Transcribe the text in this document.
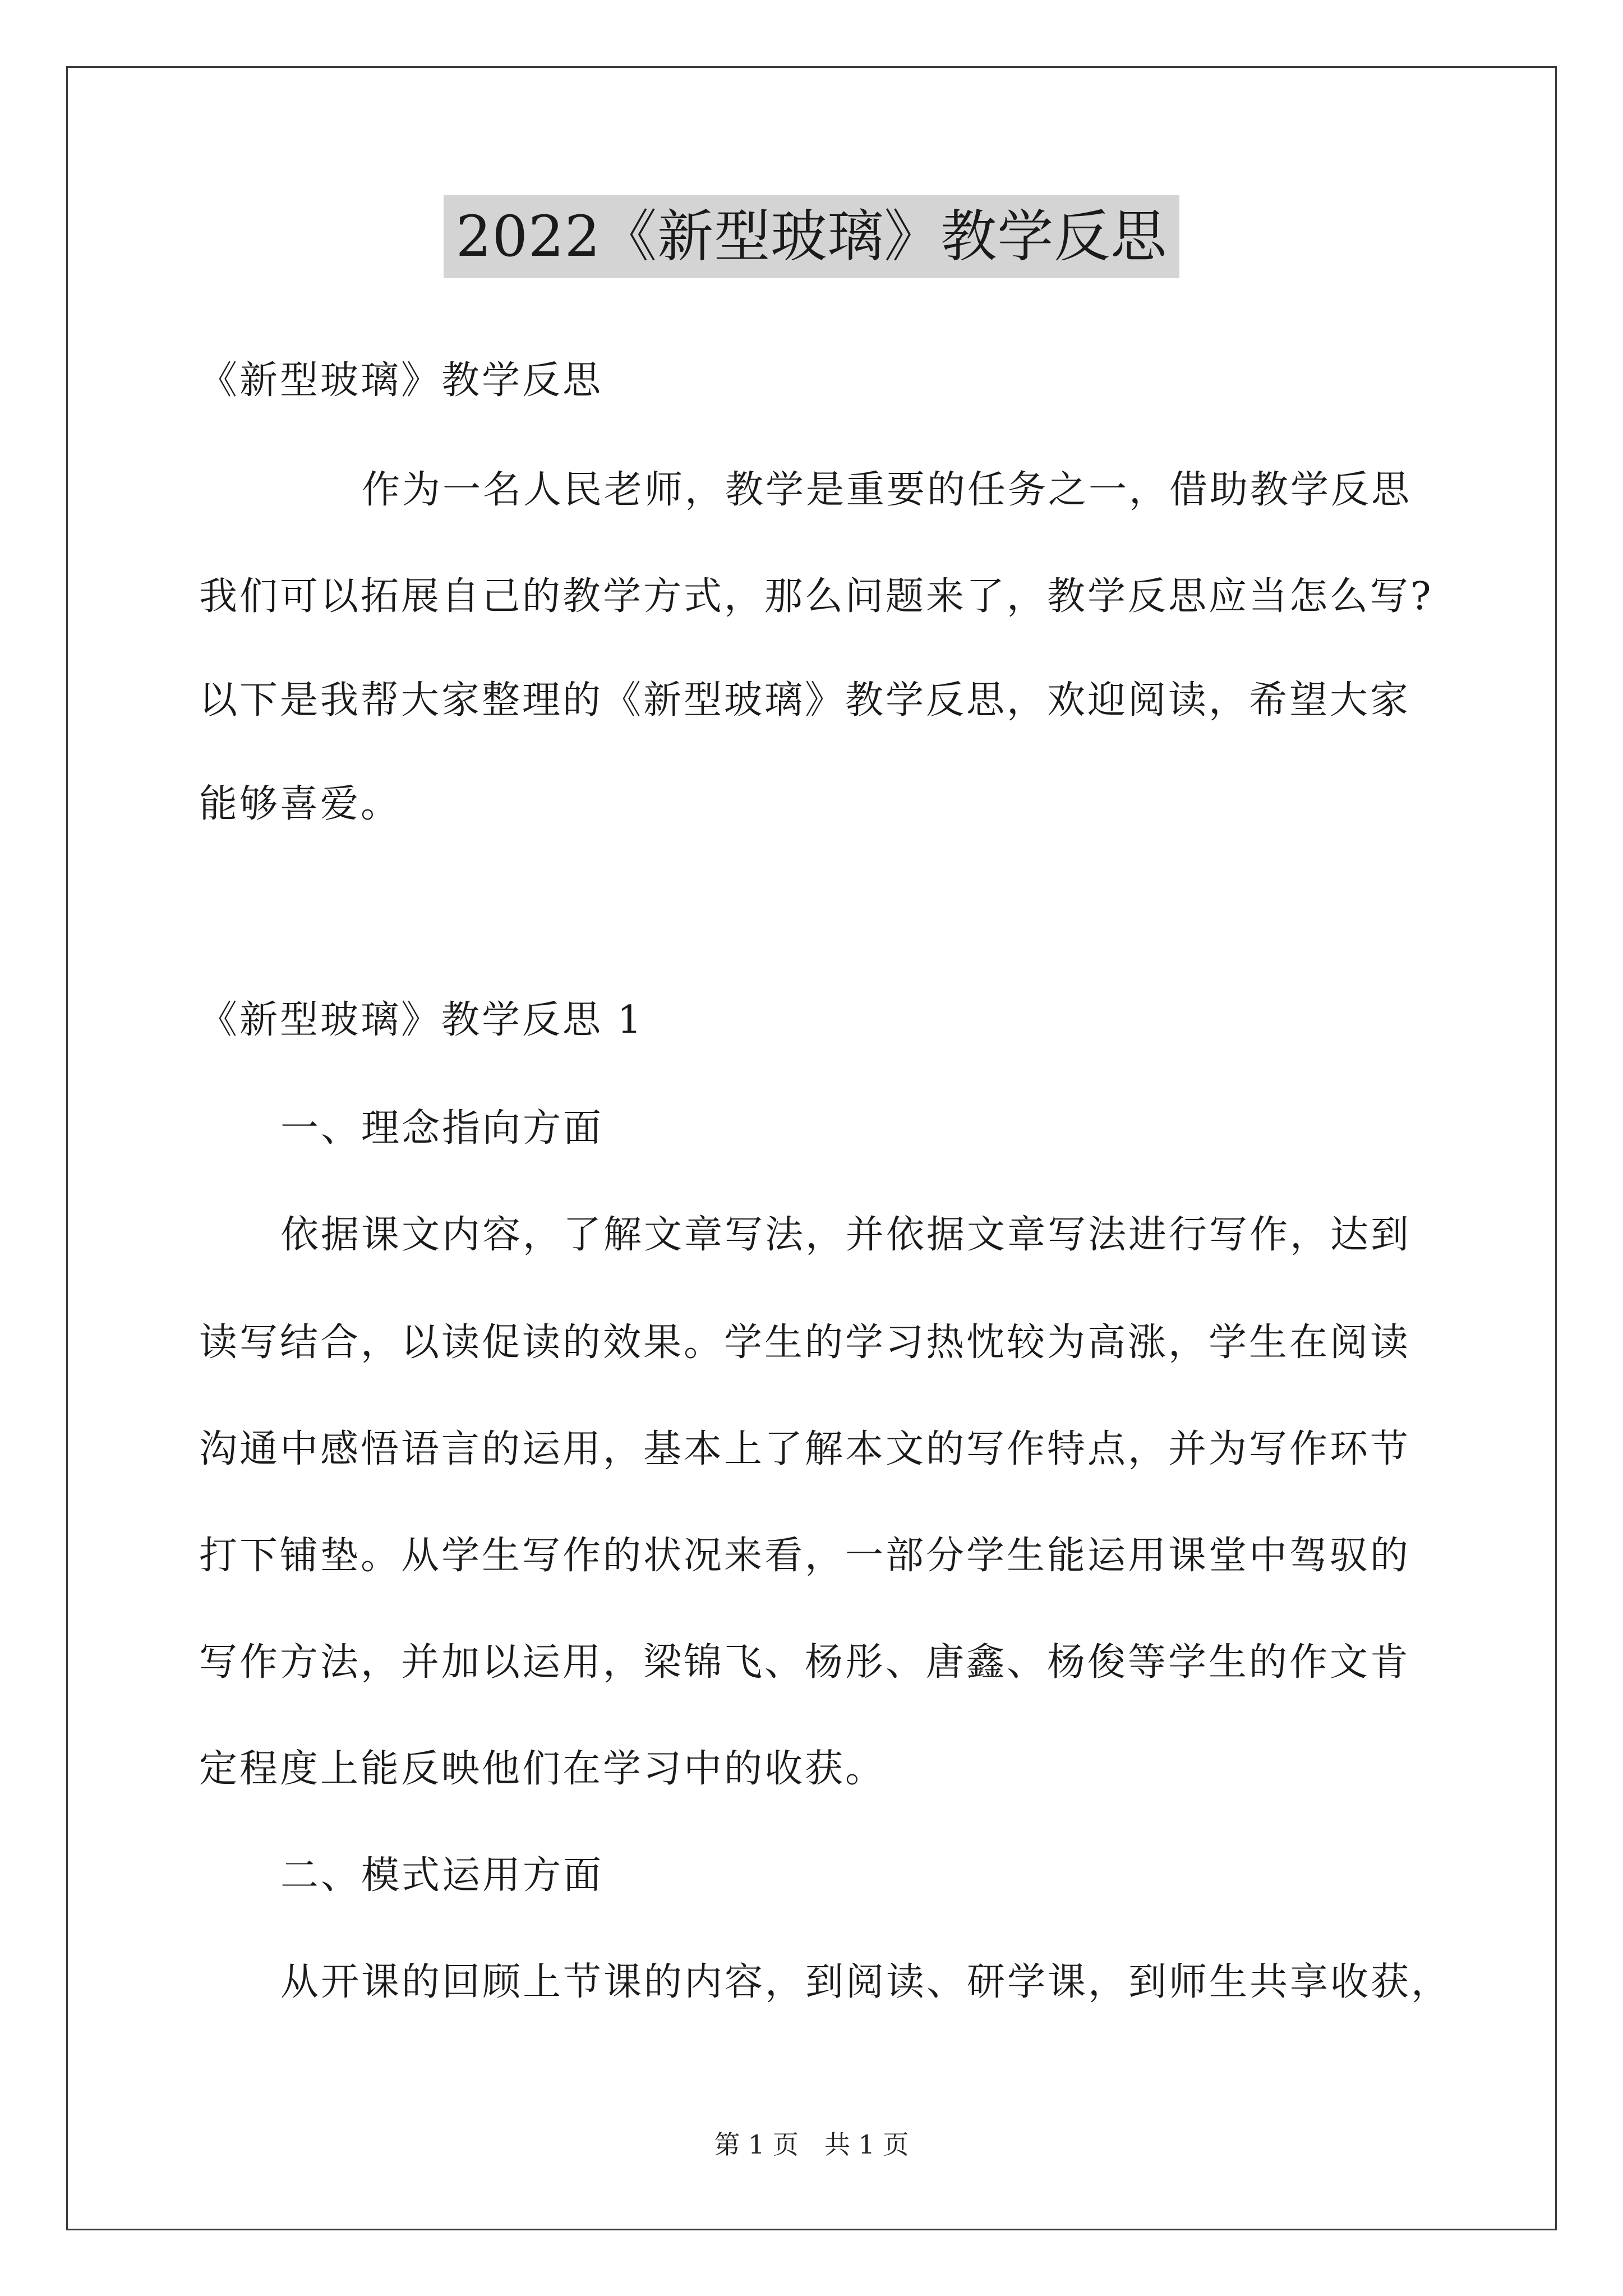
2022《新型玻璃》教学反思
《新型玻璃》教学反思
作为一名人民老师，教学是重要的任务之一，借助教学反思
我们可以拓展自己的教学方式，那么问题来了，教学反思应当怎么写?
以下是我帮大家整理的《新型玻璃》教学反思，欢迎阅读，希望大家
能够喜爱。
《新型玻璃》教学反思 1
一、理念指向方面
依据课文内容，了解文章写法，并依据文章写法进行写作，达到
读写结合，以读促读的效果。学生的学习热忱较为高涨，学生在阅读
沟通中感悟语言的运用，基本上了解本文的写作特点，并为写作环节
打下铺垫。从学生写作的状况来看，一部分学生能运用课堂中驾驭的
写作方法，并加以运用，梁锦飞、杨彤、唐鑫、杨俊等学生的作文肯
定程度上能反映他们在学习中的收获。
二、模式运用方面
从开课的回顾上节课的内容，到阅读、研学课，到师生共享收获，
第 1 页　共 1 页
